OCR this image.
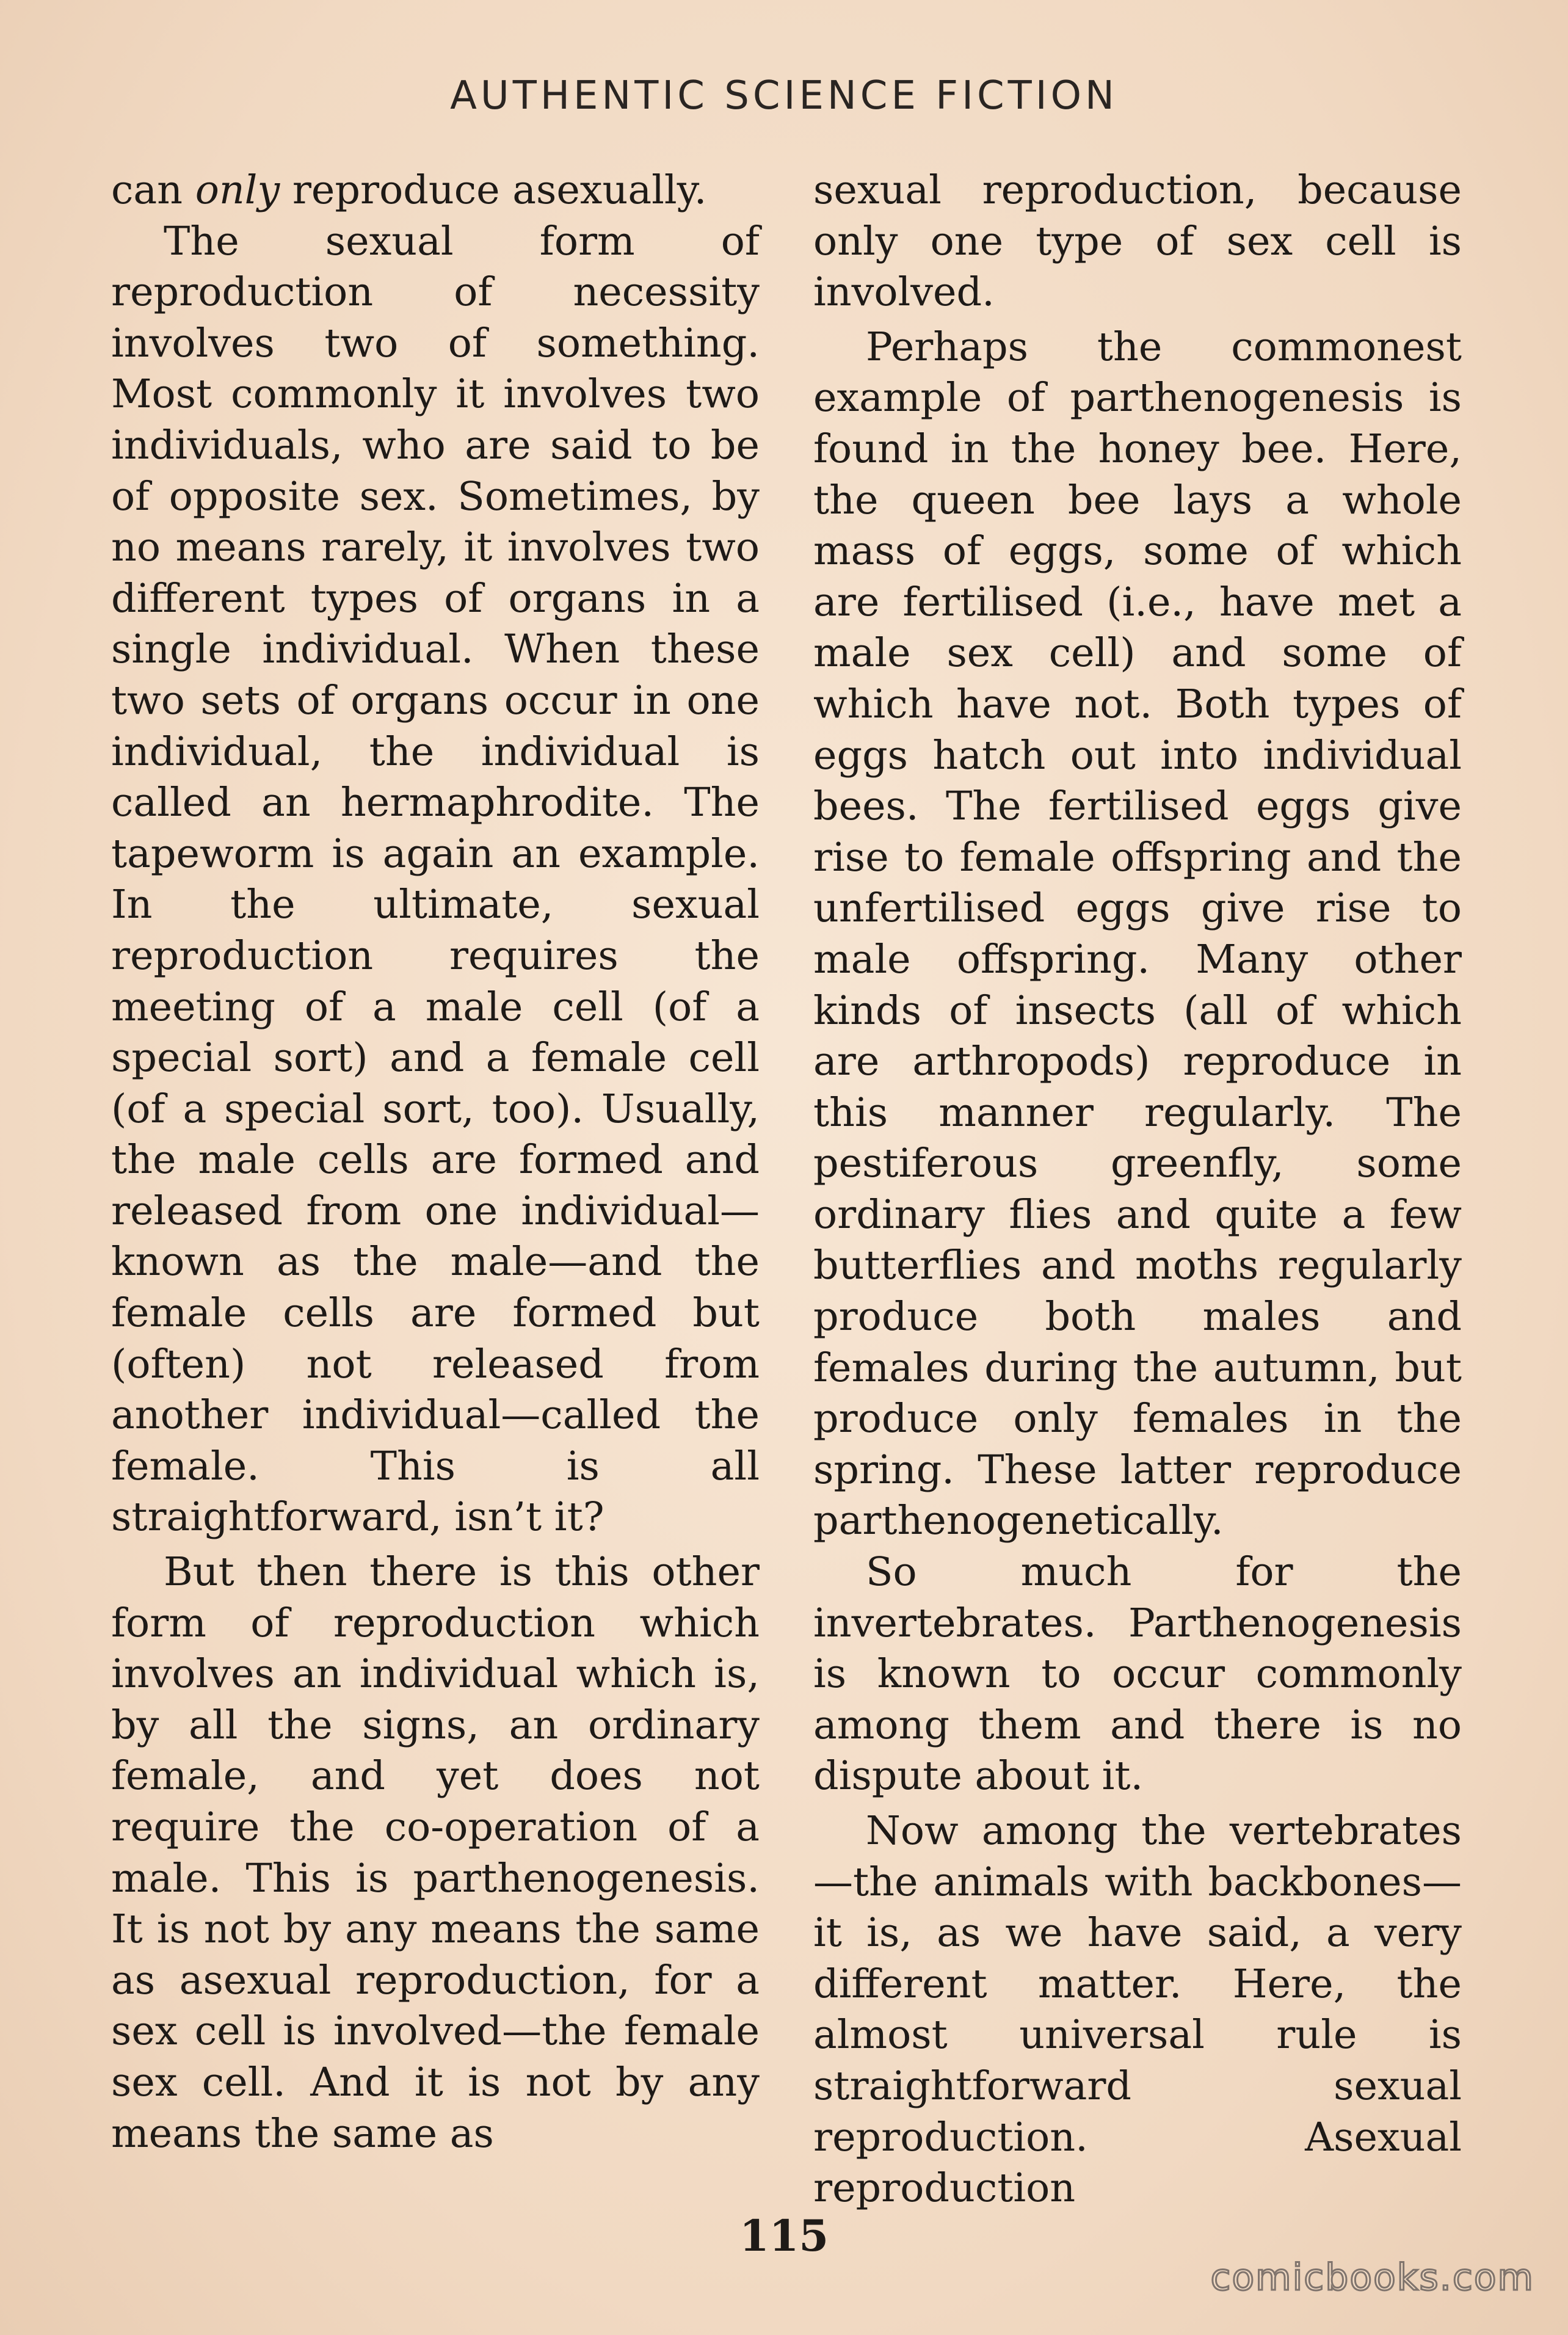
AUTHENTIC SCIENCE FICTION

can only reproduce asexually.

The sexual form of reproduction of necessity involves two of something. Most commonly it involves two individuals, who are said to be of opposite sex. Sometimes, by no means rarely, it involves two different types of organs in a single individual. When these two sets of organs occur in one individual, the individual is called an hermaphrodite. The tapeworm is again an example. In the ultimate, sexual reproduction requires the meeting of a male cell (of a special sort) and a female cell (of a special sort, too). Usually, the male cells are formed and released from one individual—known as the male—and the female cells are formed but (often) not released from another individual—called the female. This is all straightforward, isn’t it?

But then there is this other form of reproduction which involves an individual which is, by all the signs, an ordinary female, and yet does not require the co-operation of a male. This is parthenogenesis. It is not by any means the same as asexual reproduction, for a sex cell is involved—the female sex cell. And it is not by any means the same as

sexual reproduction, because only one type of sex cell is involved.

Perhaps the commonest example of parthenogenesis is found in the honey bee. Here, the queen bee lays a whole mass of eggs, some of which are fertilised (i.e., have met a male sex cell) and some of which have not. Both types of eggs hatch out into individual bees. The fertilised eggs give rise to female offspring and the unfertilised eggs give rise to male offspring. Many other kinds of insects (all of which are arthropods) reproduce in this manner regularly. The pestiferous greenfly, some ordinary flies and quite a few butterflies and moths regularly produce both males and females during the autumn, but produce only females in the spring. These latter reproduce parthenogenetically.

So much for the invertebrates. Parthenogenesis is known to occur commonly among them and there is no dispute about it.

Now among the vertebrates—the animals with backbones—it is, as we have said, a very different matter. Here, the almost universal rule is straightforward sexual reproduction. Asexual reproduction

115
comicbooks.com
